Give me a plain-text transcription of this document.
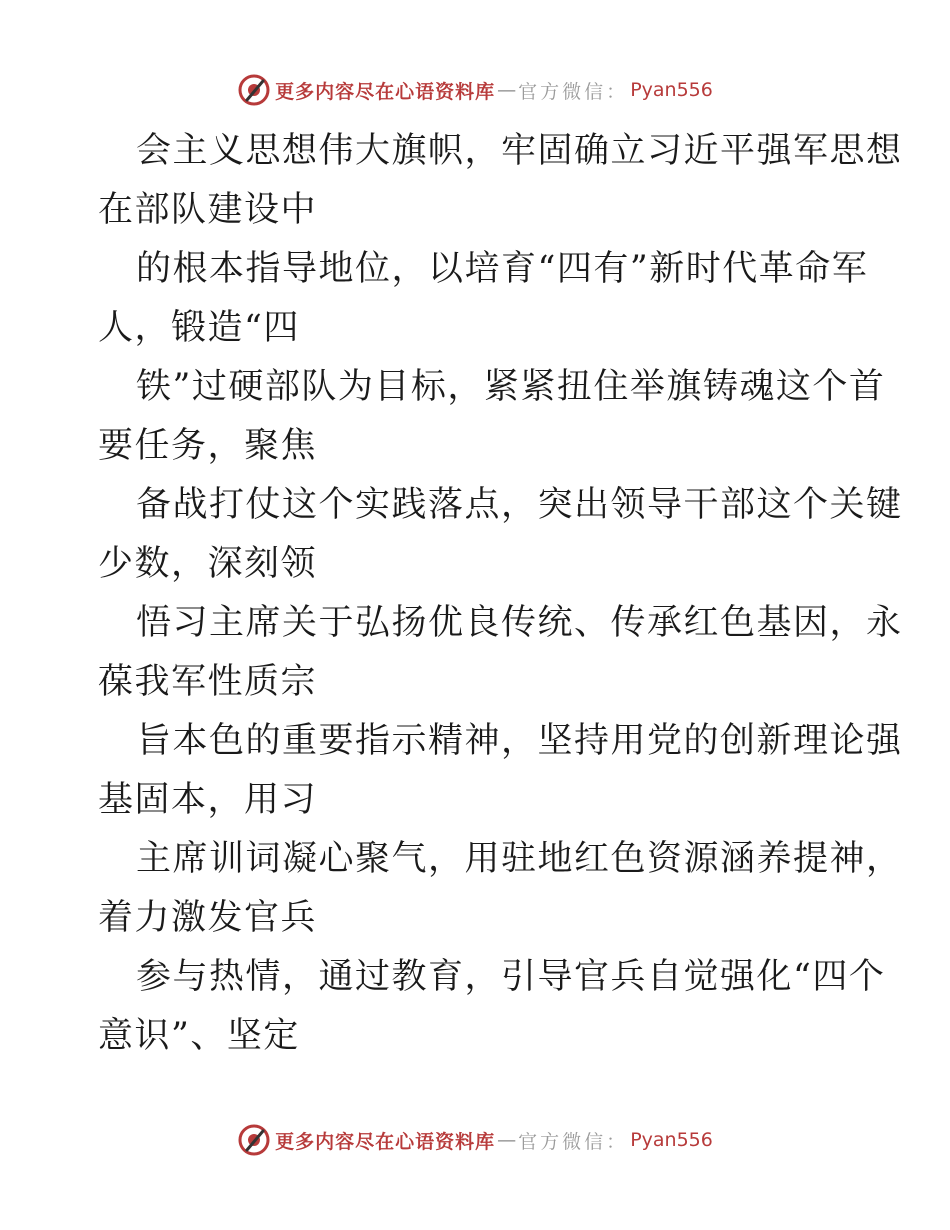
更多内容尽在心语资料库 — 官方微信： Pyan556
会主义思想伟大旗帜，牢固确立习近平强军思想
在部队建设中
的根本指导地位，以培育“四有”新时代革命军
人，锻造“四
铁”过硬部队为目标，紧紧扭住举旗铸魂这个首
要任务，聚焦
备战打仗这个实践落点，突出领导干部这个关键
少数，深刻领
悟习主席关于弘扬优良传统、传承红色基因，永
葆我军性质宗
旨本色的重要指示精神，坚持用党的创新理论强
基固本，用习
主席训词凝心聚气，用驻地红色资源涵养提神，
着力激发官兵
参与热情，通过教育，引导官兵自觉强化“四个
意识”、坚定
更多内容尽在心语资料库 — 官方微信： Pyan556
